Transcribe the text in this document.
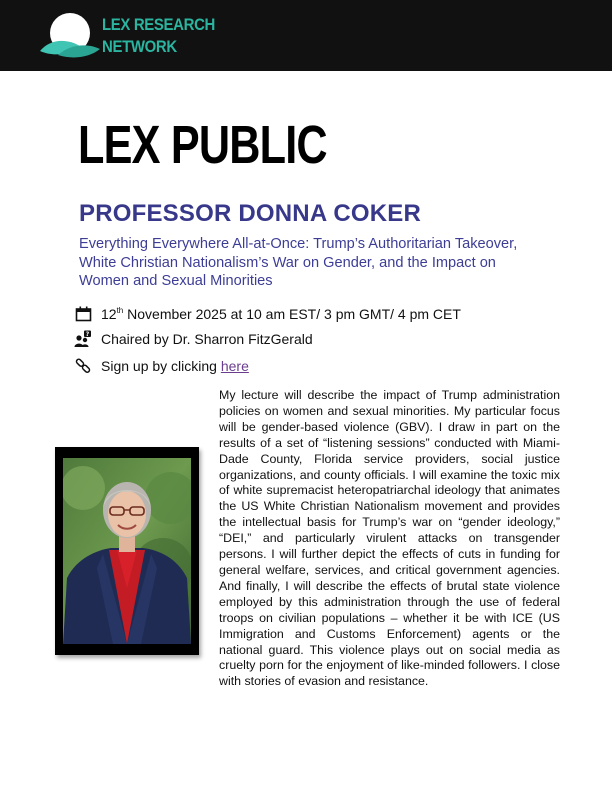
LEX RESEARCH
NETWORK
LEX PUBLIC
PROFESSOR DONNA COKER
Everything Everywhere All-at-Once: Trump’s Authoritarian Takeover, White Christian Nationalism’s War on Gender, and the Impact on Women and Sexual Minorities
12th November 2025 at 10 am EST/ 3 pm GMT/ 4 pm CET
? Chaired by Dr. Sharron FitzGerald
Sign up by clicking here

My lecture will describe the impact of Trump administration policies on women and sexual minorities. My particular focus will be gender-based violence (GBV). I draw in part on the results of a set of “listening sessions” conducted with Miami-Dade County, Florida service providers, social justice organizations, and county officials. I will examine the toxic mix of white supremacist heteropatriarchal ideology that animates the US White Christian Nationalism movement and provides the intellectual basis for Trump’s war on “gender ideology,” “DEI,” and particularly virulent attacks on transgender persons. I will further depict the effects of cuts in funding for general welfare, services, and critical government agencies. And finally, I will describe the effects of brutal state violence employed by this administration through the use of federal troops on civilian populations – whether it be with ICE (US Immigration and Customs Enforcement) agents or the national guard. This violence plays out on social media as cruelty porn for the enjoyment of like-minded followers. I close with stories of evasion and resistance.
